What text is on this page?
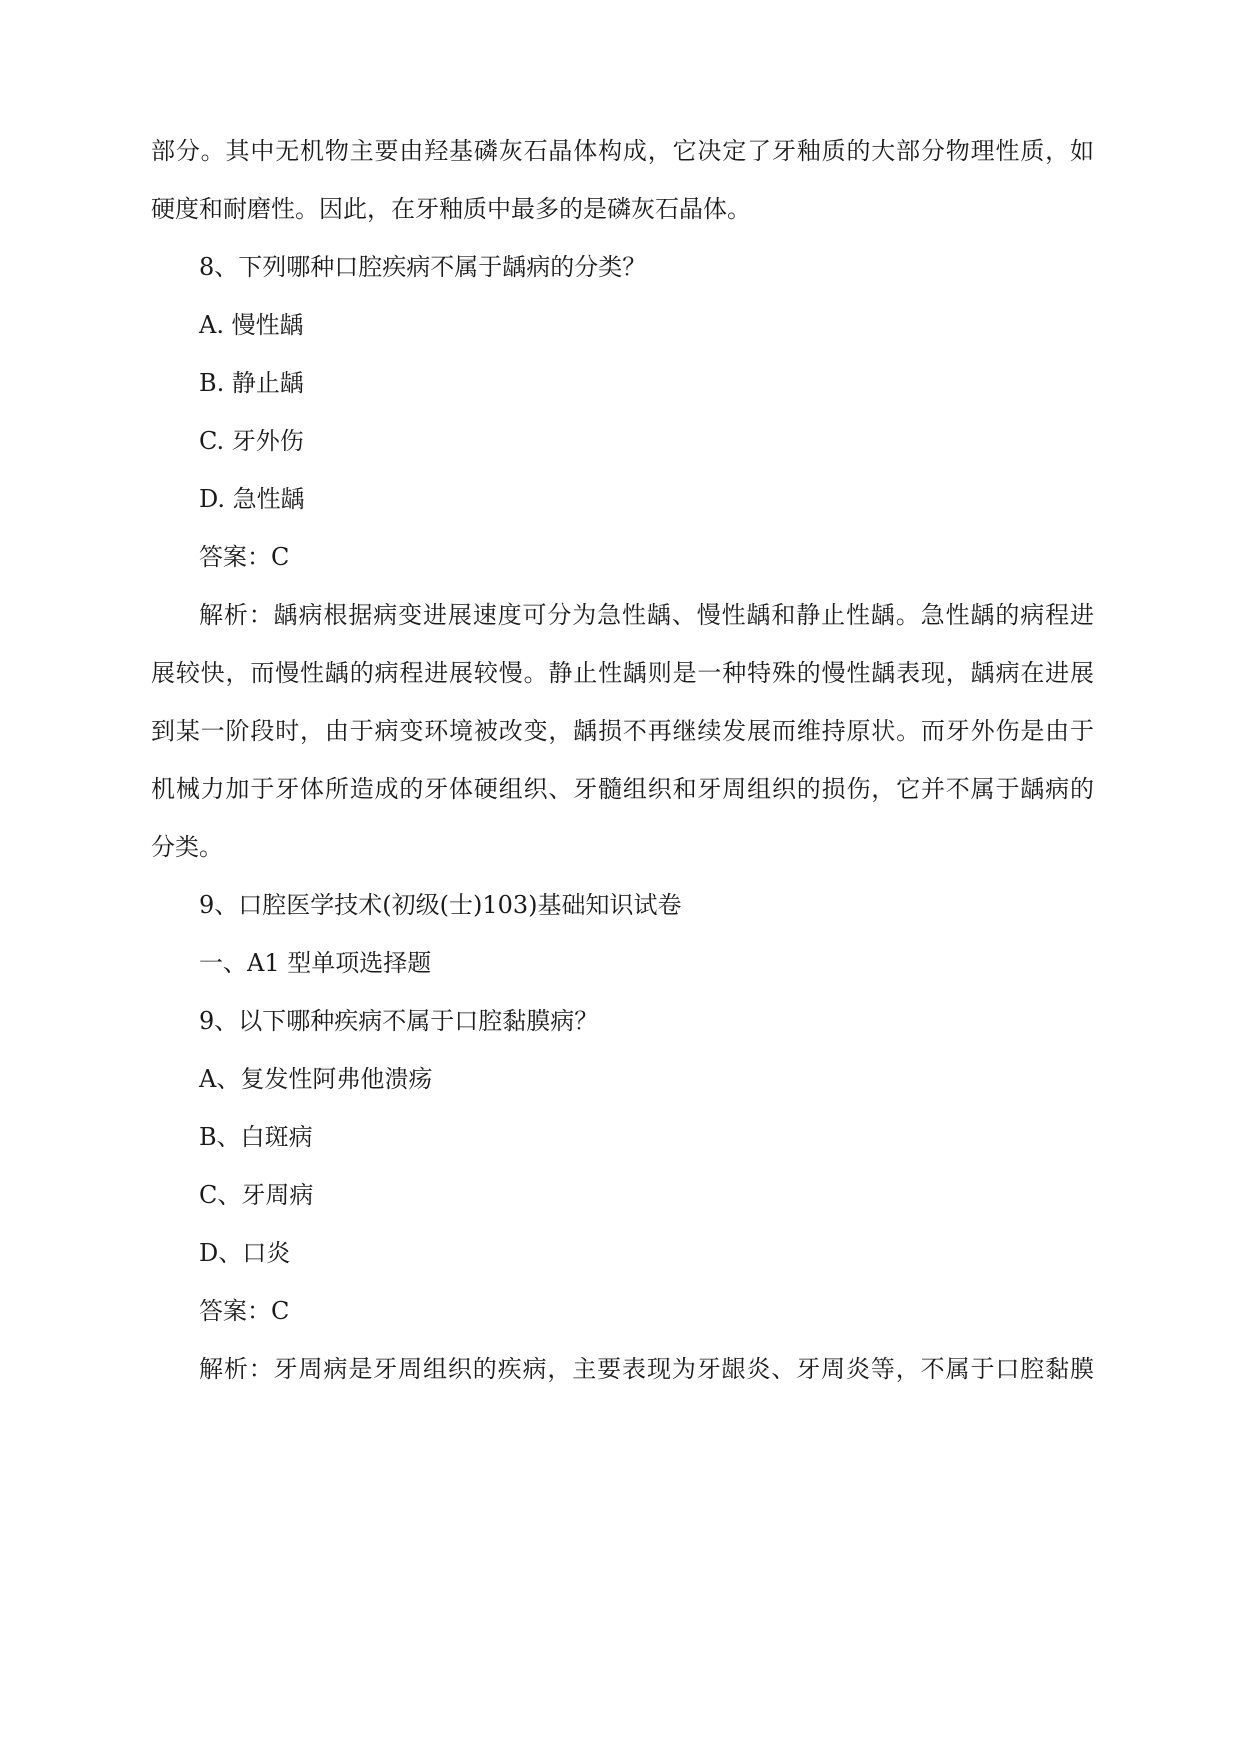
部分。其中无机物主要由羟基磷灰石晶体构成，它决定了牙釉质的大部分物理性质，如

硬度和耐磨性。因此，在牙釉质中最多的是磷灰石晶体。

8、下列哪种口腔疾病不属于龋病的分类？

A. 慢性龋

B. 静止龋

C. 牙外伤

D. 急性龋

答案：C

解析：龋病根据病变进展速度可分为急性龋、慢性龋和静止性龋。急性龋的病程进

展较快，而慢性龋的病程进展较慢。静止性龋则是一种特殊的慢性龋表现，龋病在进展

到某一阶段时，由于病变环境被改变，龋损不再继续发展而维持原状。而牙外伤是由于

机械力加于牙体所造成的牙体硬组织、牙髓组织和牙周组织的损伤，它并不属于龋病的

分类。

9、口腔医学技术(初级(士)103)基础知识试卷

一、A1 型单项选择题

9、以下哪种疾病不属于口腔黏膜病？

A、复发性阿弗他溃疡

B、白斑病

C、牙周病

D、口炎

答案：C

解析：牙周病是牙周组织的疾病，主要表现为牙龈炎、牙周炎等，不属于口腔黏膜
